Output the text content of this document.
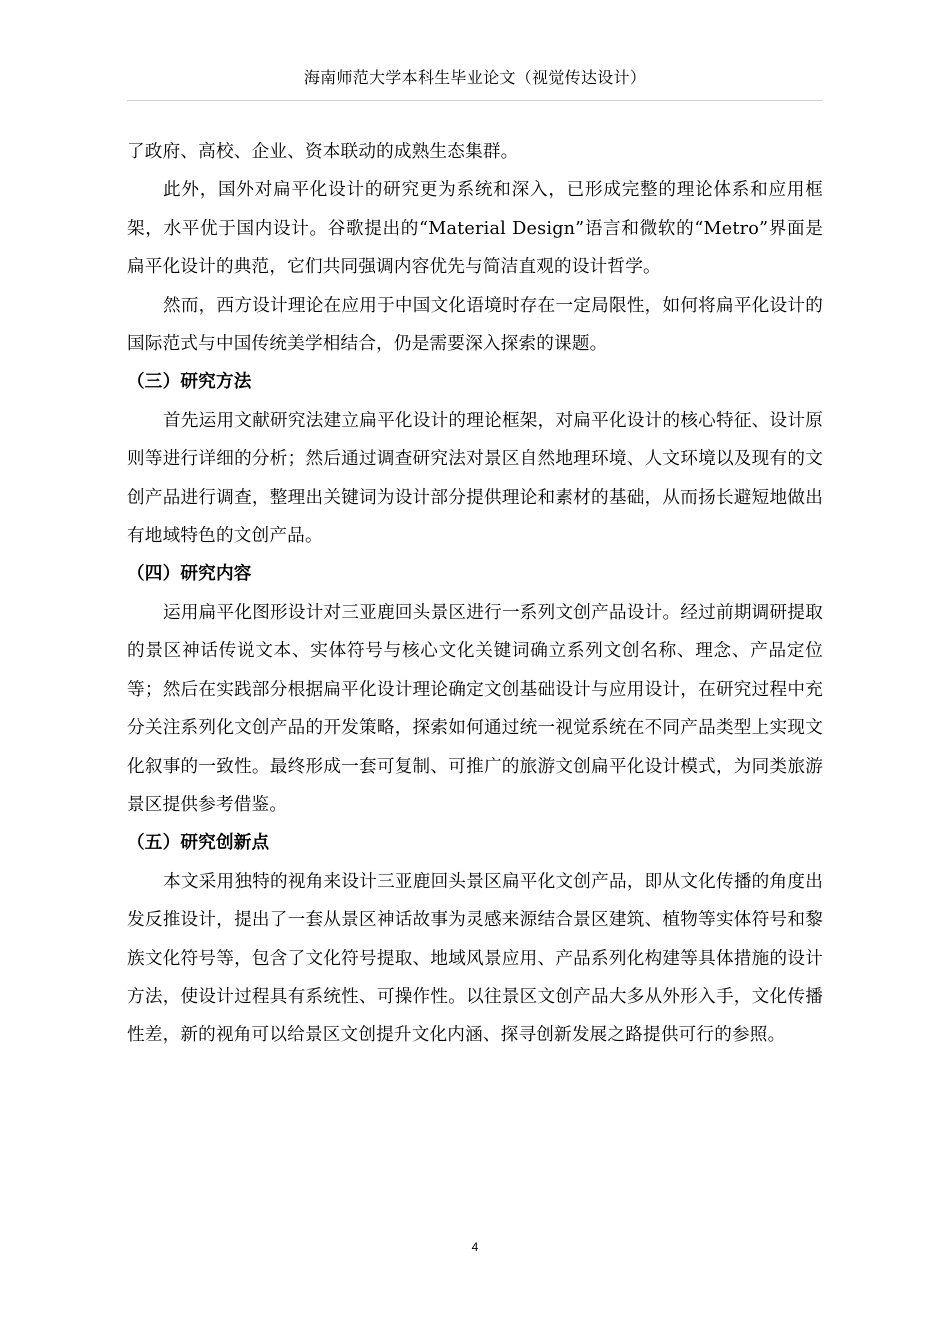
海南师范大学本科生毕业论文（视觉传达设计）

了政府、高校、企业、资本联动的成熟生态集群。

此外，国外对扁平化设计的研究更为系统和深入，已形成完整的理论体系和应用框架，水平优于国内设计。谷歌提出的“Material Design”语言和微软的“Metro”界面是扁平化设计的典范，它们共同强调内容优先与简洁直观的设计哲学。

然而，西方设计理论在应用于中国文化语境时存在一定局限性，如何将扁平化设计的国际范式与中国传统美学相结合，仍是需要深入探索的课题。

（三）研究方法

首先运用文献研究法建立扁平化设计的理论框架，对扁平化设计的核心特征、设计原则等进行详细的分析；然后通过调查研究法对景区自然地理环境、人文环境以及现有的文创产品进行调查，整理出关键词为设计部分提供理论和素材的基础，从而扬长避短地做出有地域特色的文创产品。

（四）研究内容

运用扁平化图形设计对三亚鹿回头景区进行一系列文创产品设计。经过前期调研提取的景区神话传说文本、实体符号与核心文化关键词确立系列文创名称、理念、产品定位等；然后在实践部分根据扁平化设计理论确定文创基础设计与应用设计，在研究过程中充分关注系列化文创产品的开发策略，探索如何通过统一视觉系统在不同产品类型上实现文化叙事的一致性。最终形成一套可复制、可推广的旅游文创扁平化设计模式，为同类旅游景区提供参考借鉴。

（五）研究创新点

本文采用独特的视角来设计三亚鹿回头景区扁平化文创产品，即从文化传播的角度出发反推设计，提出了一套从景区神话故事为灵感来源结合景区建筑、植物等实体符号和黎族文化符号等，包含了文化符号提取、地域风景应用、产品系列化构建等具体措施的设计方法，使设计过程具有系统性、可操作性。以往景区文创产品大多从外形入手，文化传播性差，新的视角可以给景区文创提升文化内涵、探寻创新发展之路提供可行的参照。

4
